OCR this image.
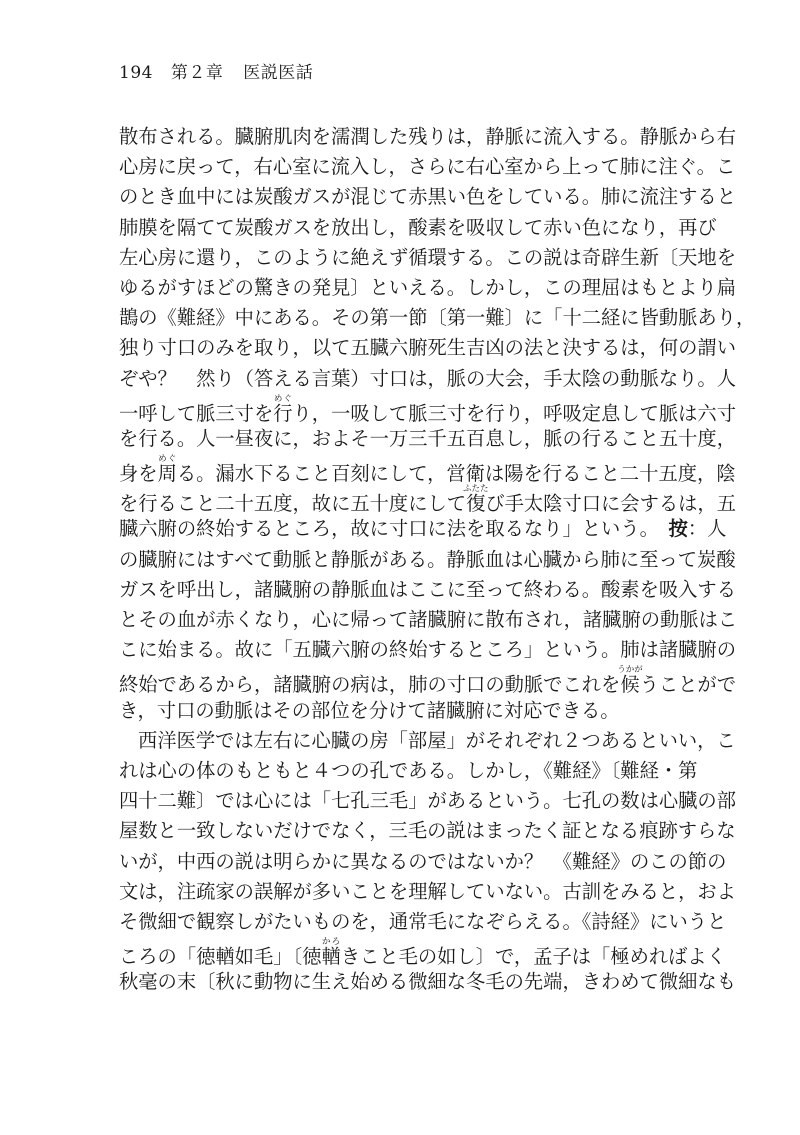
194 第２章 医説医話
散布される。臓腑肌肉を濡潤した残りは，静脈に流入する。静脈から右
心房に戻って，右心室に流入し，さらに右心室から上って肺に注ぐ。こ
のとき血中には炭酸ガスが混じて赤黒い色をしている。肺に流注すると
肺膜を隔てて炭酸ガスを放出し，酸素を吸収して赤い色になり，再び
左心房に還り，このように絶えず循環する。この説は奇辟生新〔天地を
ゆるがすほどの驚きの発見〕といえる。しかし，この理屈はもとより扁
鵲の《難経》中にある。その第一節〔第一難〕に「十二経に皆動脈あり，
独り寸口のみを取り，以て五臓六腑死生吉凶の法と決するは，何の謂い
ぞや？　然り（答える言葉）寸口は，脈の大会，手太陰の動脈なり。人
一呼して脈三寸を行めぐり，一吸して脈三寸を行り，呼吸定息して脈は六寸
を行る。人一昼夜に，およそ一万三千五百息し，脈の行ること五十度，
身を周めぐる。漏水下ること百刻にして，営衛は陽を行ること二十五度，陰
を行ること二十五度，故に五十度にして復ふたたび手太陰寸口に会するは，五
臓六腑の終始するところ，故に寸口に法を取るなり」という。　按：人
の臓腑にはすべて動脈と静脈がある。静脈血は心臓から肺に至って炭酸
ガスを呼出し，諸臓腑の静脈血はここに至って終わる。酸素を吸入する
とその血が赤くなり，心に帰って諸臓腑に散布され，諸臓腑の動脈はこ
こに始まる。故に「五臓六腑の終始するところ」という。肺は諸臓腑の
終始であるから，諸臓腑の病は，肺の寸口の動脈でこれを候うかがうことがで
き，寸口の動脈はその部位を分けて諸臓腑に対応できる。
西洋医学では左右に心臓の房「部屋」がそれぞれ２つあるといい，こ
れは心の体のもともと４つの孔である。しかし，《難経》〔難経・第
四十二難〕では心には「七孔三毛」があるという。七孔の数は心臓の部
屋数と一致しないだけでなく，三毛の説はまったく証となる痕跡すらな
いが，中西の説は明らかに異なるのではないか？　《難経》のこの節の
文は，注疏家の誤解が多いことを理解していない。古訓をみると，およ
そ微細で観察しがたいものを，通常毛になぞらえる。《詩経》にいうと
ころの「徳輶如毛」〔徳輶かろきこと毛の如し〕で，孟子は「極めればよく
秋毫の末〔秋に動物に生え始める微細な冬毛の先端，きわめて微細なも
